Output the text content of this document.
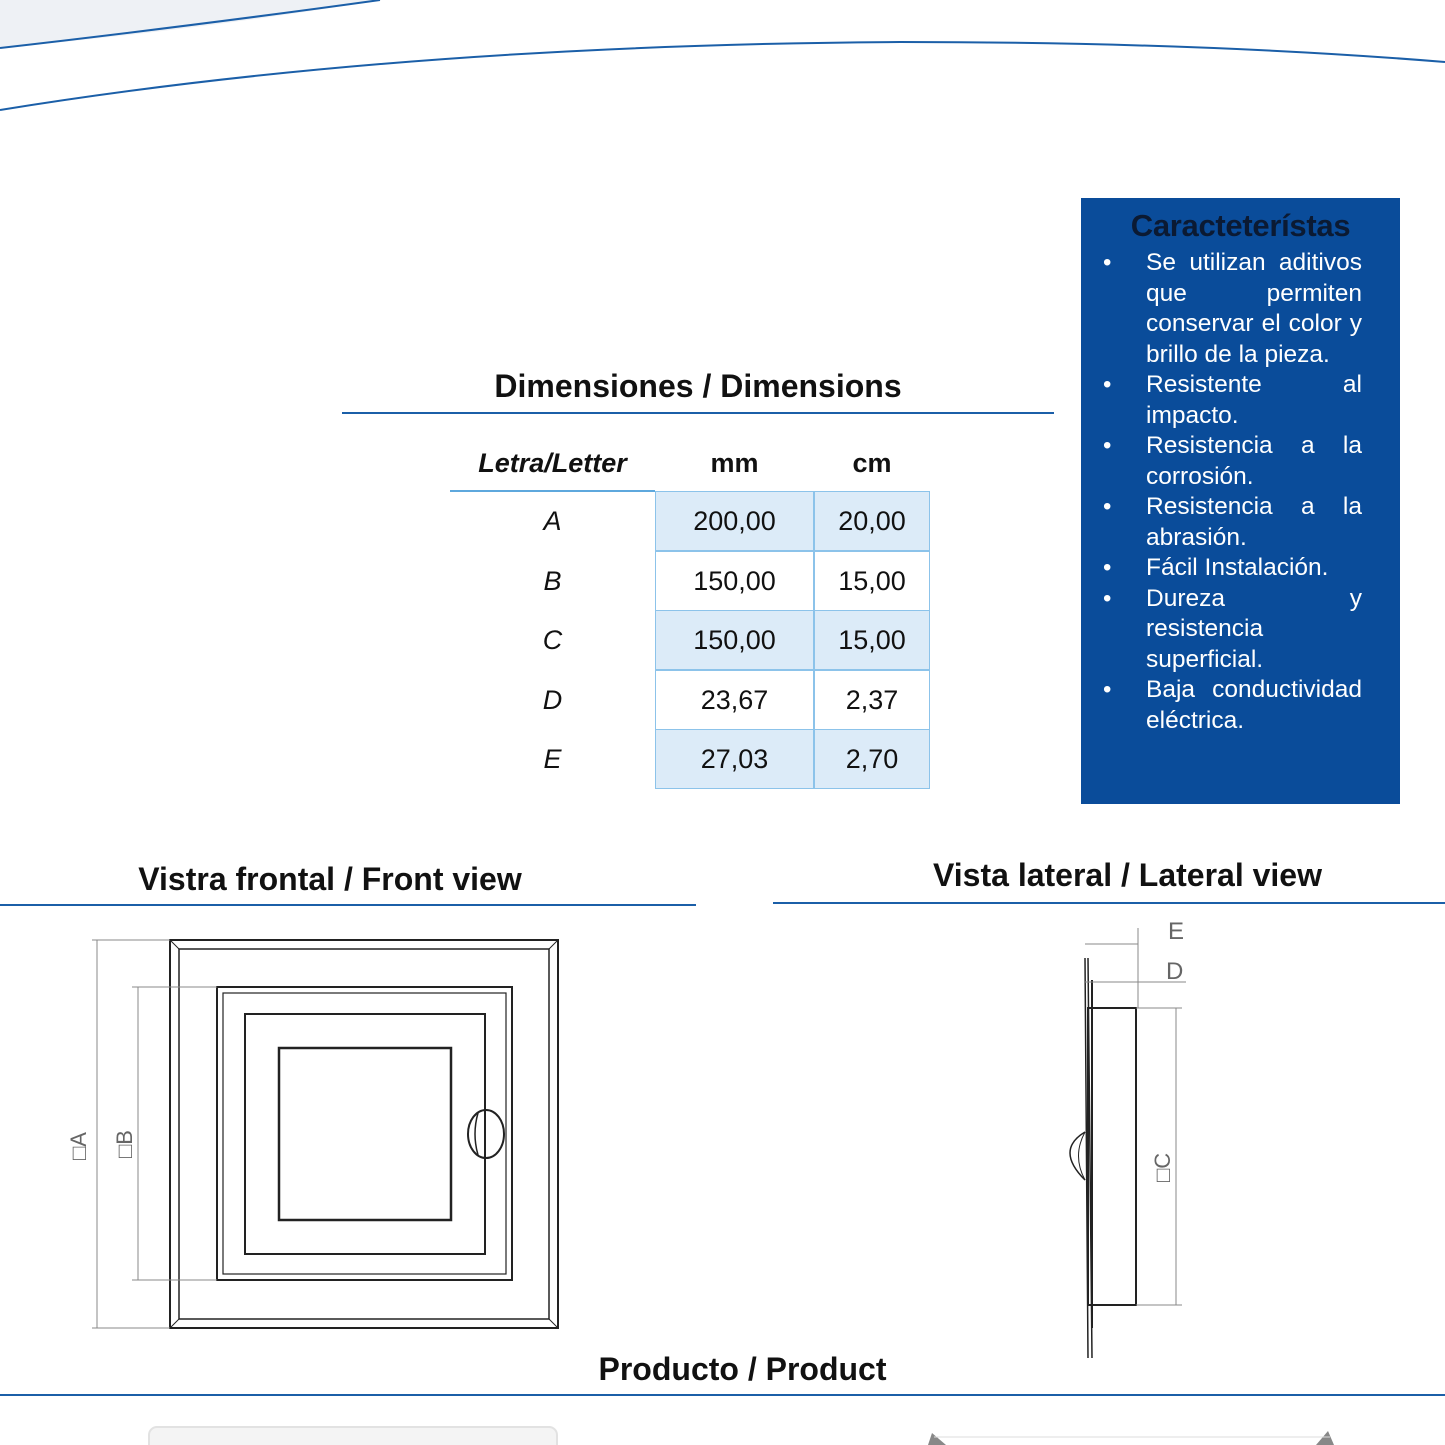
Dimensiones / Dimensions
Letra/Letter	mm	cm
A	200,00	20,00
B	150,00	15,00
C	150,00	15,00
D	23,67	2,37
E	27,03	2,70
Caracteterístas
• Se utilizan aditivos que permiten conservar el color y brillo de la pieza.
• Resistente al impacto.
• Resistencia a la corrosión.
• Resistencia a la abrasión.
• Fácil Instalación.
• Dureza y resistencia superficial.
• Baja conductividad eléctrica.
Vistra frontal / Front view
□A □B
Vista lateral / Lateral view
E
D
□C
Producto / Product
